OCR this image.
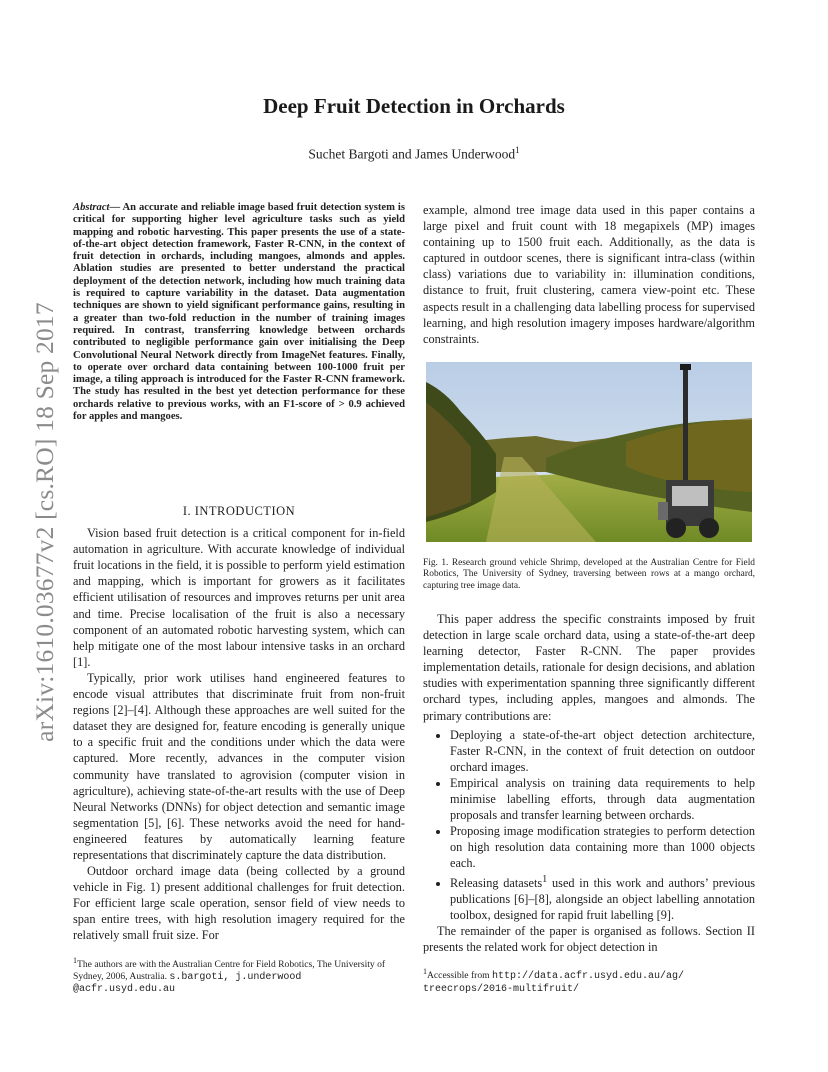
arXiv:1610.03677v2 [cs.RO] 18 Sep 2017
Deep Fruit Detection in Orchards
Suchet Bargoti and James Underwood$^1$
Abstract— An accurate and reliable image based fruit detection system is critical for supporting higher level agriculture tasks such as yield mapping and robotic harvesting. This paper presents the use of a state-of-the-art object detection framework, Faster R-CNN, in the context of fruit detection in orchards, including mangoes, almonds and apples. Ablation studies are presented to better understand the practical deployment of the detection network, including how much training data is required to capture variability in the dataset. Data augmentation techniques are shown to yield significant performance gains, resulting in a greater than two-fold reduction in the number of training images required. In contrast, transferring knowledge between orchards contributed to negligible performance gain over initialising the Deep Convolutional Neural Network directly from ImageNet features. Finally, to operate over orchard data containing between 100-1000 fruit per image, a tiling approach is introduced for the Faster R-CNN framework. The study has resulted in the best yet detection performance for these orchards relative to previous works, with an F1-score of > 0.9 achieved for apples and mangoes.
I. INTRODUCTION

Vision based fruit detection is a critical component for in-field automation in agriculture. With accurate knowledge of individual fruit locations in the field, it is possible to perform yield estimation and mapping, which is important for growers as it facilitates efficient utilisation of resources and improves returns per unit area and time. Precise localisation of the fruit is also a necessary component of an automated robotic harvesting system, which can help mitigate one of the most labour intensive tasks in an orchard [1].

Typically, prior work utilises hand engineered features to encode visual attributes that discriminate fruit from non-fruit regions [2]–[4]. Although these approaches are well suited for the dataset they are designed for, feature encoding is generally unique to a specific fruit and the conditions under which the data were captured. More recently, advances in the computer vision community have translated to agrovision (computer vision in agriculture), achieving state-of-the-art results with the use of Deep Neural Networks (DNNs) for object detection and semantic image segmentation [5], [6]. These networks avoid the need for hand-engineered features by automatically learning feature representations that discriminately capture the data distribution.

Outdoor orchard image data (being collected by a ground vehicle in Fig. 1) present additional challenges for fruit detection. For efficient large scale operation, sensor field of view needs to span entire trees, with high resolution imagery required for the relatively small fruit size. For

example, almond tree image data used in this paper contains a large pixel and fruit count with 18 megapixels (MP) images containing up to 1500 fruit each. Additionally, as the data is captured in outdoor scenes, there is significant intra-class (within class) variations due to variability in: illumination conditions, distance to fruit, fruit clustering, camera view-point etc. These aspects result in a challenging data labelling process for supervised learning, and high resolution imagery imposes hardware/algorithm constraints.

Fig. 1. Research ground vehicle Shrimp, developed at the Australian Centre for Field Robotics, The University of Sydney, traversing between rows at a mango orchard, capturing tree image data.

This paper address the specific constraints imposed by fruit detection in large scale orchard data, using a state-of-the-art deep learning detector, Faster R-CNN. The paper provides implementation details, rationale for design decisions, and ablation studies with experimentation spanning three significantly different orchard types, including apples, mangoes and almonds. The primary contributions are:

• Deploying a state-of-the-art object detection architecture, Faster R-CNN, in the context of fruit detection on outdoor orchard images.
• Empirical analysis on training data requirements to help minimise labelling efforts, through data augmentation proposals and transfer learning between orchards.
• Proposing image modification strategies to perform detection on high resolution data containing more than 1000 objects each.
• Releasing datasets$^1$ used in this work and authors’ previous publications [6]–[8], alongside an object labelling annotation toolbox, designed for rapid fruit labelling [9].

The remainder of the paper is organised as follows. Section II presents the related work for object detection in

$^1$The authors are with the Australian Centre for Field Robotics, The University of Sydney, 2006, Australia. s.bargoti, j.underwood @acfr.usyd.edu.au
$^1$Accessible from http://data.acfr.usyd.edu.au/ag/ treecrops/2016-multifruit/
